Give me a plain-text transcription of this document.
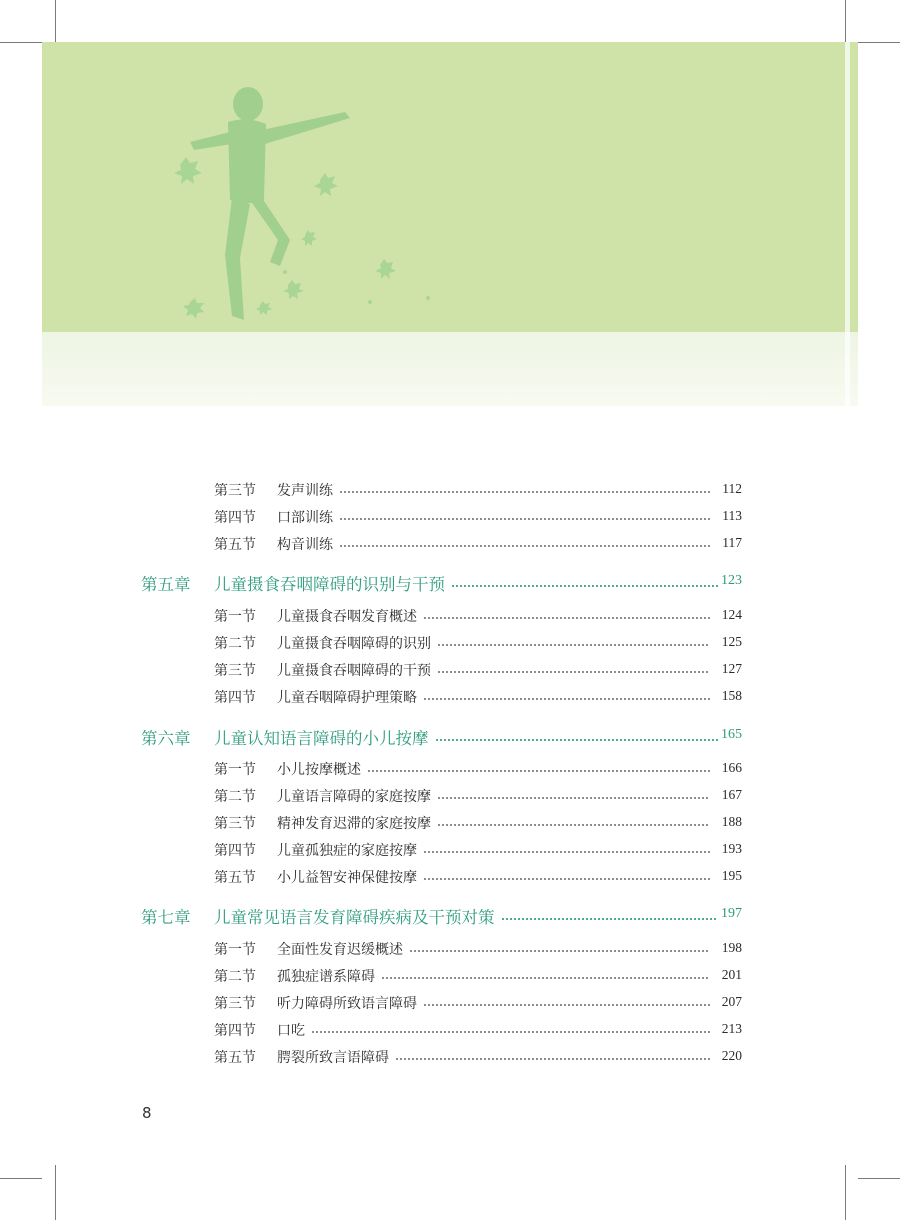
第三节 发声训练	112
第四节 口部训练	113
第五节 构音训练	117
第五章 儿童摄食吞咽障碍的识别与干预	123
第一节 儿童摄食吞咽发育概述	124
第二节 儿童摄食吞咽障碍的识别	125
第三节 儿童摄食吞咽障碍的干预	127
第四节 儿童吞咽障碍护理策略	158
第六章 儿童认知语言障碍的小儿按摩	165
第一节 小儿按摩概述	166
第二节 儿童语言障碍的家庭按摩	167
第三节 精神发育迟滞的家庭按摩	188
第四节 儿童孤独症的家庭按摩	193
第五节 小儿益智安神保健按摩	195
第七章 儿童常见语言发育障碍疾病及干预对策	197
第一节 全面性发育迟缓概述	198
第二节 孤独症谱系障碍	201
第三节 听力障碍所致语言障碍	207
第四节 口吃	213
第五节 腭裂所致言语障碍	220
8
